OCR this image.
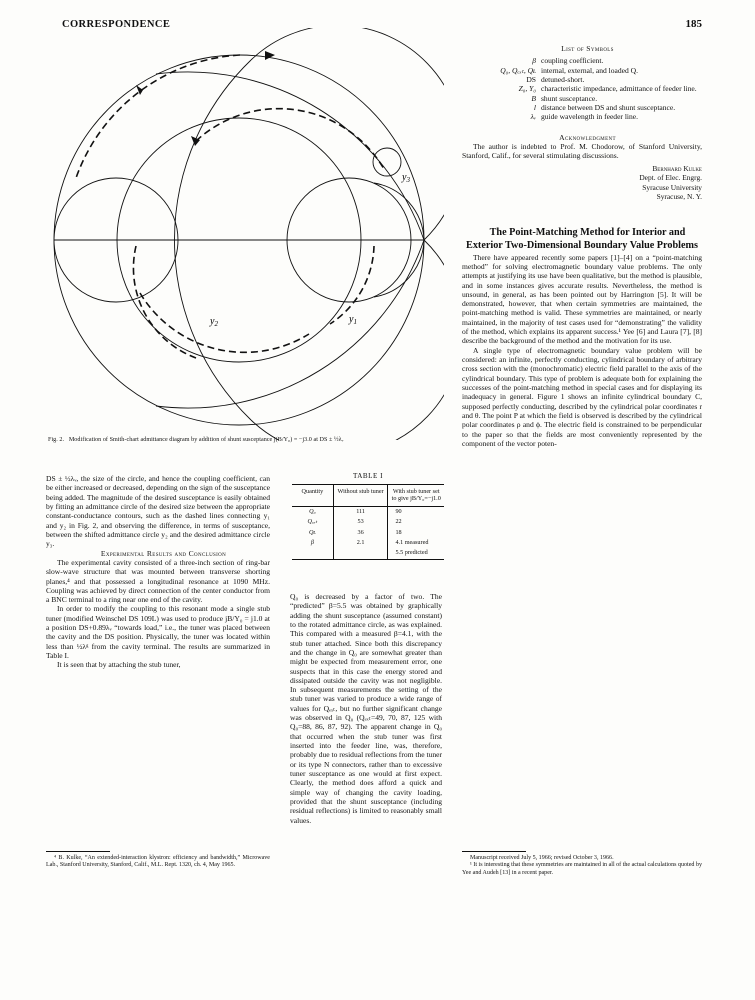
CORRESPONDENCE	185
$y_3$
$y_2$	$y_1$
Fig. 2. Modification of Smith-chart admittance diagram by addition of shunt susceptance j(B/Y₀) = −j3.0 at DS ± ½λᵥ

DS ± ½λᵥ, the size of the circle, and hence the coupling coefficient, can be either increased or decreased, depending on the sign of the susceptance being added. The magnitude of the desired susceptance is easily obtained by fitting an admittance circle of the desired size between the appropriate constant-conductance contours, such as the dashed lines connecting y₁ and y₂ in Fig. 2, and observing the difference, in terms of susceptance, between the shifted admittance circle y₂ and the desired admittance circle y₃.

Experimental Results and Conclusion

The experimental cavity consisted of a three-inch section of ring-bar slow-wave structure that was mounted between transverse shorting planes,⁴ and that possessed a longitudinal resonance at 1090 MHz. Coupling was achieved by direct connection of the center conductor from a BNC terminal to a ring near one end of the cavity.

In order to modify the coupling to this resonant mode a single stub tuner (modified Weinschel DS 109L) was used to produce jB/Y₀ = j1.0 at a position DS+0.89λᵥ “towards load,” i.e., the tuner was placed between the cavity and the DS position. Physically, the tuner was located within less than ½λᵍ from the cavity terminal. The results are summarized in Table I.

It is seen that by attaching the stub tuner,

⁴ B. Kulke, “An extended-interaction klystron: efficiency and bandwidth,” Microwave Lab., Stanford University, Stanford, Calif., M.L. Rept. 1320, ch. 4, May 1965.

TABLE I
Quantity	Without stub tuner	With stub tuner set to give jB/Y₀=−j1.0
Q₀	111	90
Qₑₓₜ	53	22
Qʟ	36	18
β	2.1	4.1 measured
		5.5 predicted

Q₀ is decreased by a factor of two. The “predicted” β=5.5 was obtained by graphically adding the shunt susceptance (assumed constant) to the rotated admittance circle, as was explained. This compared with a measured β=4.1, with the stub tuner attached. Since both this discrepancy and the change in Q₀ are somewhat greater than might be expected from measurement error, one suspects that in this case the energy stored and dissipated outside the cavity was not negligible. In subsequent measurements the setting of the stub tuner was varied to produce a wide range of values for Qₑₓₜ, but no further significant change was observed in Q₀ (Qₑₓₜ=49, 70, 87, 125 with Q₀=88, 86, 87, 92). The apparent change in Q₀ that occurred when the stub tuner was first inserted into the feeder line, was, therefore, probably due to residual reflections from the tuner or its type N connectors, rather than to excessive tuner susceptance as one would at first expect. Clearly, the method does afford a quick and simple way of changing the cavity loading, provided that the shunt susceptance (including residual reflections) is limited to reasonably small values.

List of Symbols

β coupling coefficient.
Q₀, Qₑₓₜ, Qʟ internal, external, and loaded Q.
DS detuned-short.
Z₀, Y₀ characteristic impedance, admittance of feeder line.
B shunt susceptance.
l distance between DS and shunt susceptance.
λᵥ guide wavelength in feeder line.

Acknowledgment

The author is indebted to Prof. M. Chodorow, of Stanford University, Stanford, Calif., for several stimulating discussions.

Bernhard Kulke
Dept. of Elec. Engrg.
Syracuse University
Syracuse, N. Y.

The Point-Matching Method for Interior and Exterior Two-Dimensional Boundary Value Problems

There have appeared recently some papers [1]–[4] on a “point-matching method” for solving electromagnetic boundary value problems. The only attempts at justifying its use have been qualitative, but the method is plausible, and in some instances gives accurate results. Nevertheless, the method is unsound, in general, as has been pointed out by Harrington [5]. It will be demonstrated, however, that when certain symmetries are maintained, the point-matching method is valid. These symmetries are maintained, or nearly maintained, in the majority of test cases used for “demonstrating” the validity of the method, which explains its apparent success.¹ Yee [6] and Laura [7], [8] describe the background of the method and the motivation for its use.

A single type of electromagnetic boundary value problem will be considered: an infinite, perfectly conducting, cylindrical boundary of arbitrary cross section with the (monochromatic) electric field parallel to the axis of the cylindrical boundary. This type of problem is adequate both for explaining the successes of the point-matching method in special cases and for displaying its inadequacy in general. Figure 1 shows an infinite cylindrical boundary C, supposed perfectly conducting, described by the cylindrical polar coordinates r and θ. The point P at which the field is observed is described by the cylindrical polar coordinates ρ and ϕ. The electric field is constrained to be perpendicular to the paper so that the fields are most conveniently represented by the component of the vector poten-

Manuscript received July 5, 1966; revised October 3, 1966.

¹ It is interesting that these symmetries are maintained in all of the actual calculations quoted by Yee and Audeh [13] in a recent paper.
